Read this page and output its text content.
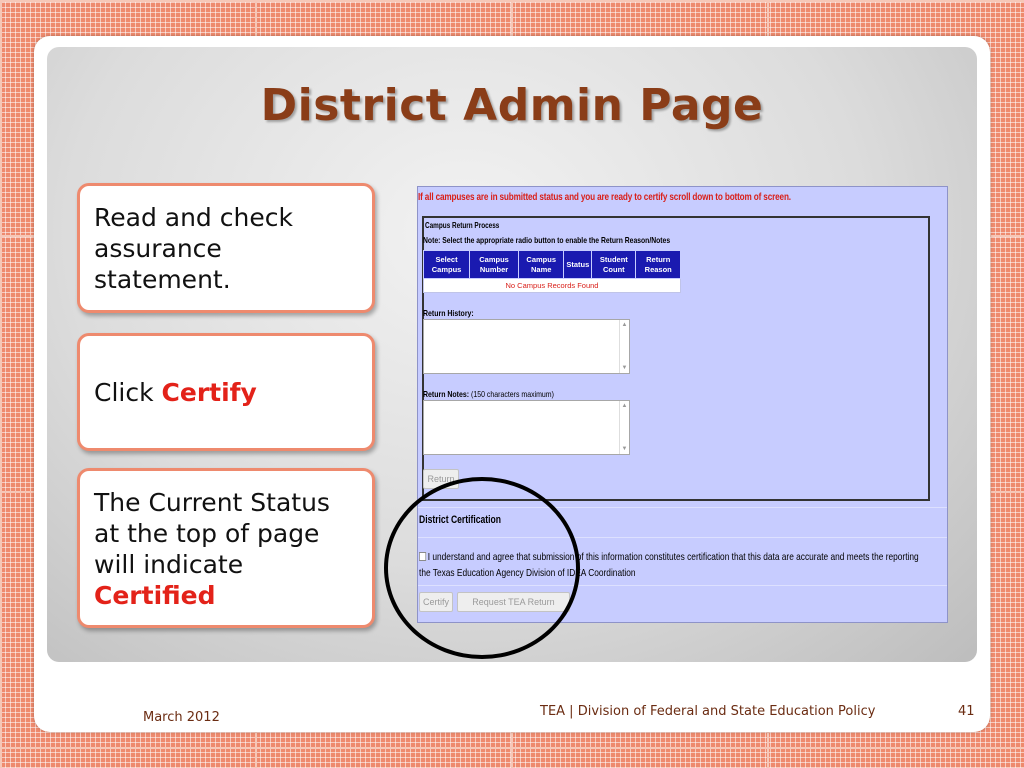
District Admin Page
Read and check assurance statement.
Click Certify
The Current Status at the top of page will indicate Certified
If all campuses are in submitted status and you are ready to certify scroll down to bottom of screen.
Campus Return Process
Note: Select the appropriate radio button to enable the Return Reason/Notes
Select Campus	Campus Number	Campus Name	Status	Student Count	Return Reason
No Campus Records Found
Return History:
▲
▼
Return Notes: (150 characters maximum)
▲
▼
Return
District Certification
I understand and agree that submission of this information constitutes certification that this data are accurate and meets the reporting
the Texas Education Agency Division of IDEA Coordination
Certify	Request TEA Return
March 2012	TEA | Division of Federal and State Education Policy	41
